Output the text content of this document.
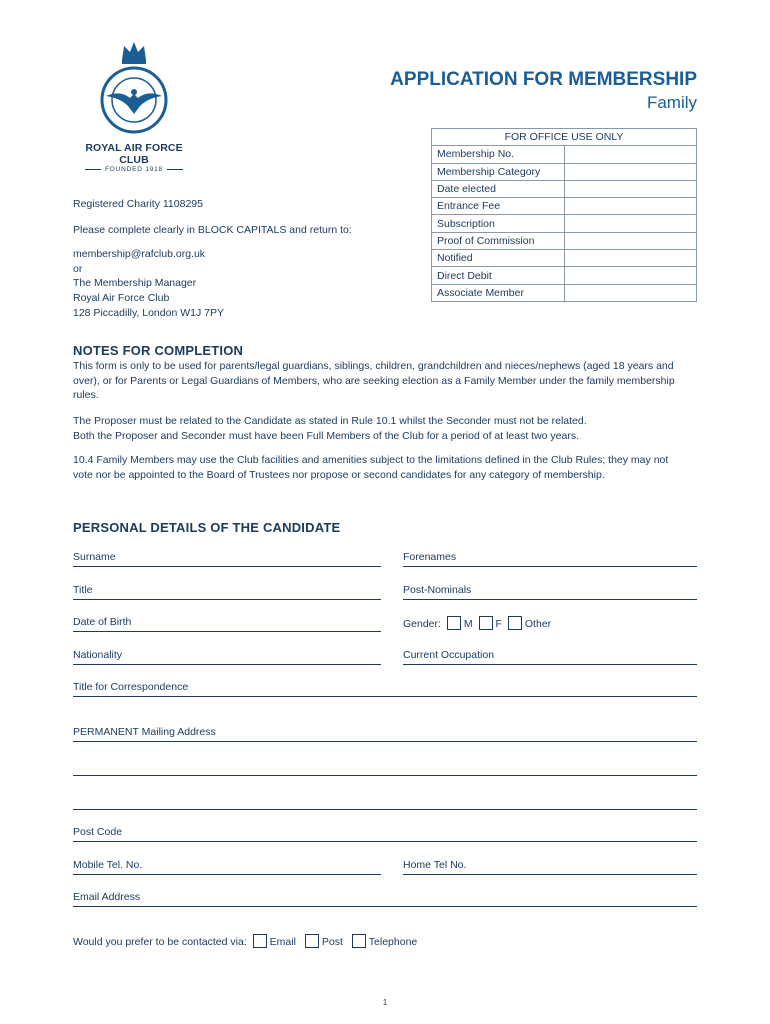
ROYAL AIR FORCE CLUB
FOUNDED 1918
APPLICATION FOR MEMBERSHIP
Family
FOR OFFICE USE ONLY	
Membership No.	
Membership Category	
Date elected	
Entrance Fee	
Subscription	
Proof of Commission	
Notified	
Direct Debit	
Associate Member	
Registered Charity 1108295
Please complete clearly in BLOCK CAPITALS and return to:
membership@rafclub.org.uk
or
The Membership Manager
Royal Air Force Club
128 Piccadilly, London W1J 7PY
NOTES FOR COMPLETION
This form is only to be used for parents/legal guardians, siblings, children, grandchildren and nieces/nephews (aged 18 years and over), or for Parents or Legal Guardians of Members, who are seeking election as a Family Member under the family membership rules.
The Proposer must be related to the Candidate as stated in Rule 10.1 whilst the Seconder must not be related.
Both the Proposer and Seconder must have been Full Members of the Club for a period of at least two years.
10.4 Family Members may use the Club facilities and amenities subject to the limitations defined in the Club Rules; they may not vote nor be appointed to the Board of Trustees nor propose or second candidates for any category of membership.
PERSONAL DETAILS OF THE CANDIDATE
Surname	Forenames
Title	Post-Nominals
Date of Birth	Gender: M F Other
Nationality	Current Occupation
Title for Correspondence
PERMANENT Mailing Address
Post Code
Mobile Tel. No.	Home Tel No.
Email Address
Would you prefer to be contacted via: Email Post Telephone
1
